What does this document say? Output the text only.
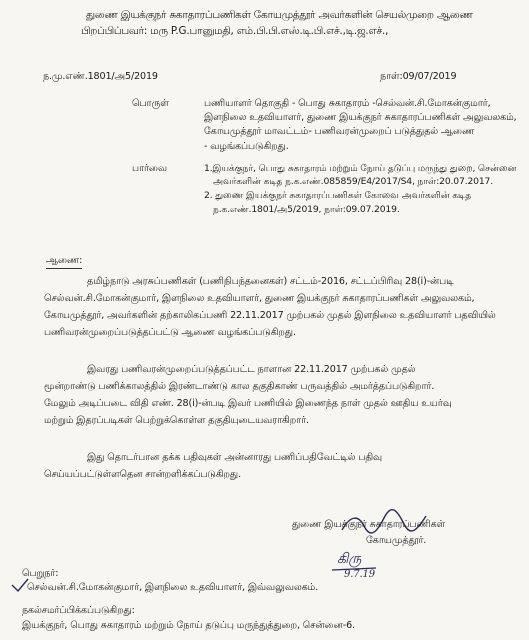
துணை இயக்குநர் சுகாதாரப்பணிகள் கோயமுத்தூர் அவர்களின் செயல்முறை ஆணை
பிறப்பிப்பவர்: மரு P.G.பானுமதி, எம்.பி.பி.எஸ்.டி.பி.எச்.,டி.ஜ.எச்.,
ந.மு.எண்.1801/அ5/2019	நாள்:09/07/2019
பொருள்	பணியாளர் தொகுதி - பொது சுகாதாரம் -செல்வன்.சி.மோகன்குமார்,
இளநிலை உதவியாளர், துணை இயக்குநர் சுகாதாரப்பணிகள் அலுவலகம்,
கோயமுத்தூர் மாவட்டம்- பணிவரன்முறைப் படுத்துதல் ஆணை
- வழங்கப்படுகிறது.
பார்வை	1.இயக்குநர், பொது சுகாதாரம் மற்றும் நோய் தடுப்பு மருந்து துறை, சென்னை
அவர்களின் கடித ந.க.எண்.085859/E4/2017/S4, நாள்:20.07.2017.
2. துணை இயக்குநர் சுகாதாரப்பணிகள் கோவை அவர்களின் கடித
ந.க.எண்.1801/அ5/2019, நாள்:09.07.2019.
ஆணை:
தமிழ்நாடு அரசுப்பணிகள் (பணிநிபந்தனைகள்) சட்டம்-2016, சட்டப்பிரிவு 28(i)-ன்படி
செல்வன்.சி.மோகன்குமார், இளநிலை உதவியாளர், துணை இயக்குநர் சுகாதாரப்பணிகள் அலுவலகம்,
கோயமுத்தூர், அவர்களின் தற்காலிகப்பணி 22.11.2017 முற்பகல் முதல் இளநிலை உதவியாளர் பதவியில்
பணிவரன்முறைப்படுத்தப்பட்டு ஆணை வழங்கப்படுகிறது.
இவரது பணிவரன்முறைப்படுத்தப்பட்ட நாளான 22.11.2017 முற்பகல் முதல்
மூன்றாண்டு பணிக்காலத்தில் இரண்டாண்டு கால தகுதிகாண் பருவத்தில் அமர்த்தப்படுகிறார்.
மேலும் அடிப்படை விதி எண். 28(i)-ன்படி இவர் பணியில் இணைந்த நாள் முதல் ஊதிய உயர்வு
மற்றும் இதரப்படிகள் பெற்றுக்கொள்ள தகுதியுடையவராகிறார்.
இது தொடர்பான தக்க பதிவுகள் அன்னாரது பணிப்பதிவேட்டில் பதிவு
செய்யப்பட்டுள்ளதென சான்றளிக்கப்படுகிறது.
துணை இயக்குநர் சுகாதாரப்பணிகள்
கோயமுத்தூர்.
கிரு
9.7.19
பெறுநர்:
செல்வன்.சி.மோகன்குமார், இளநிலை உதவியாளர், இவ்வலுவலகம்.
நகல்சமர்ப்பிக்கப்படுகிறது:
இயக்குநர், பொது சுகாதாரம் மற்றும் நோய் தடுப்பு மருந்துத்துறை, சென்னை-6.
